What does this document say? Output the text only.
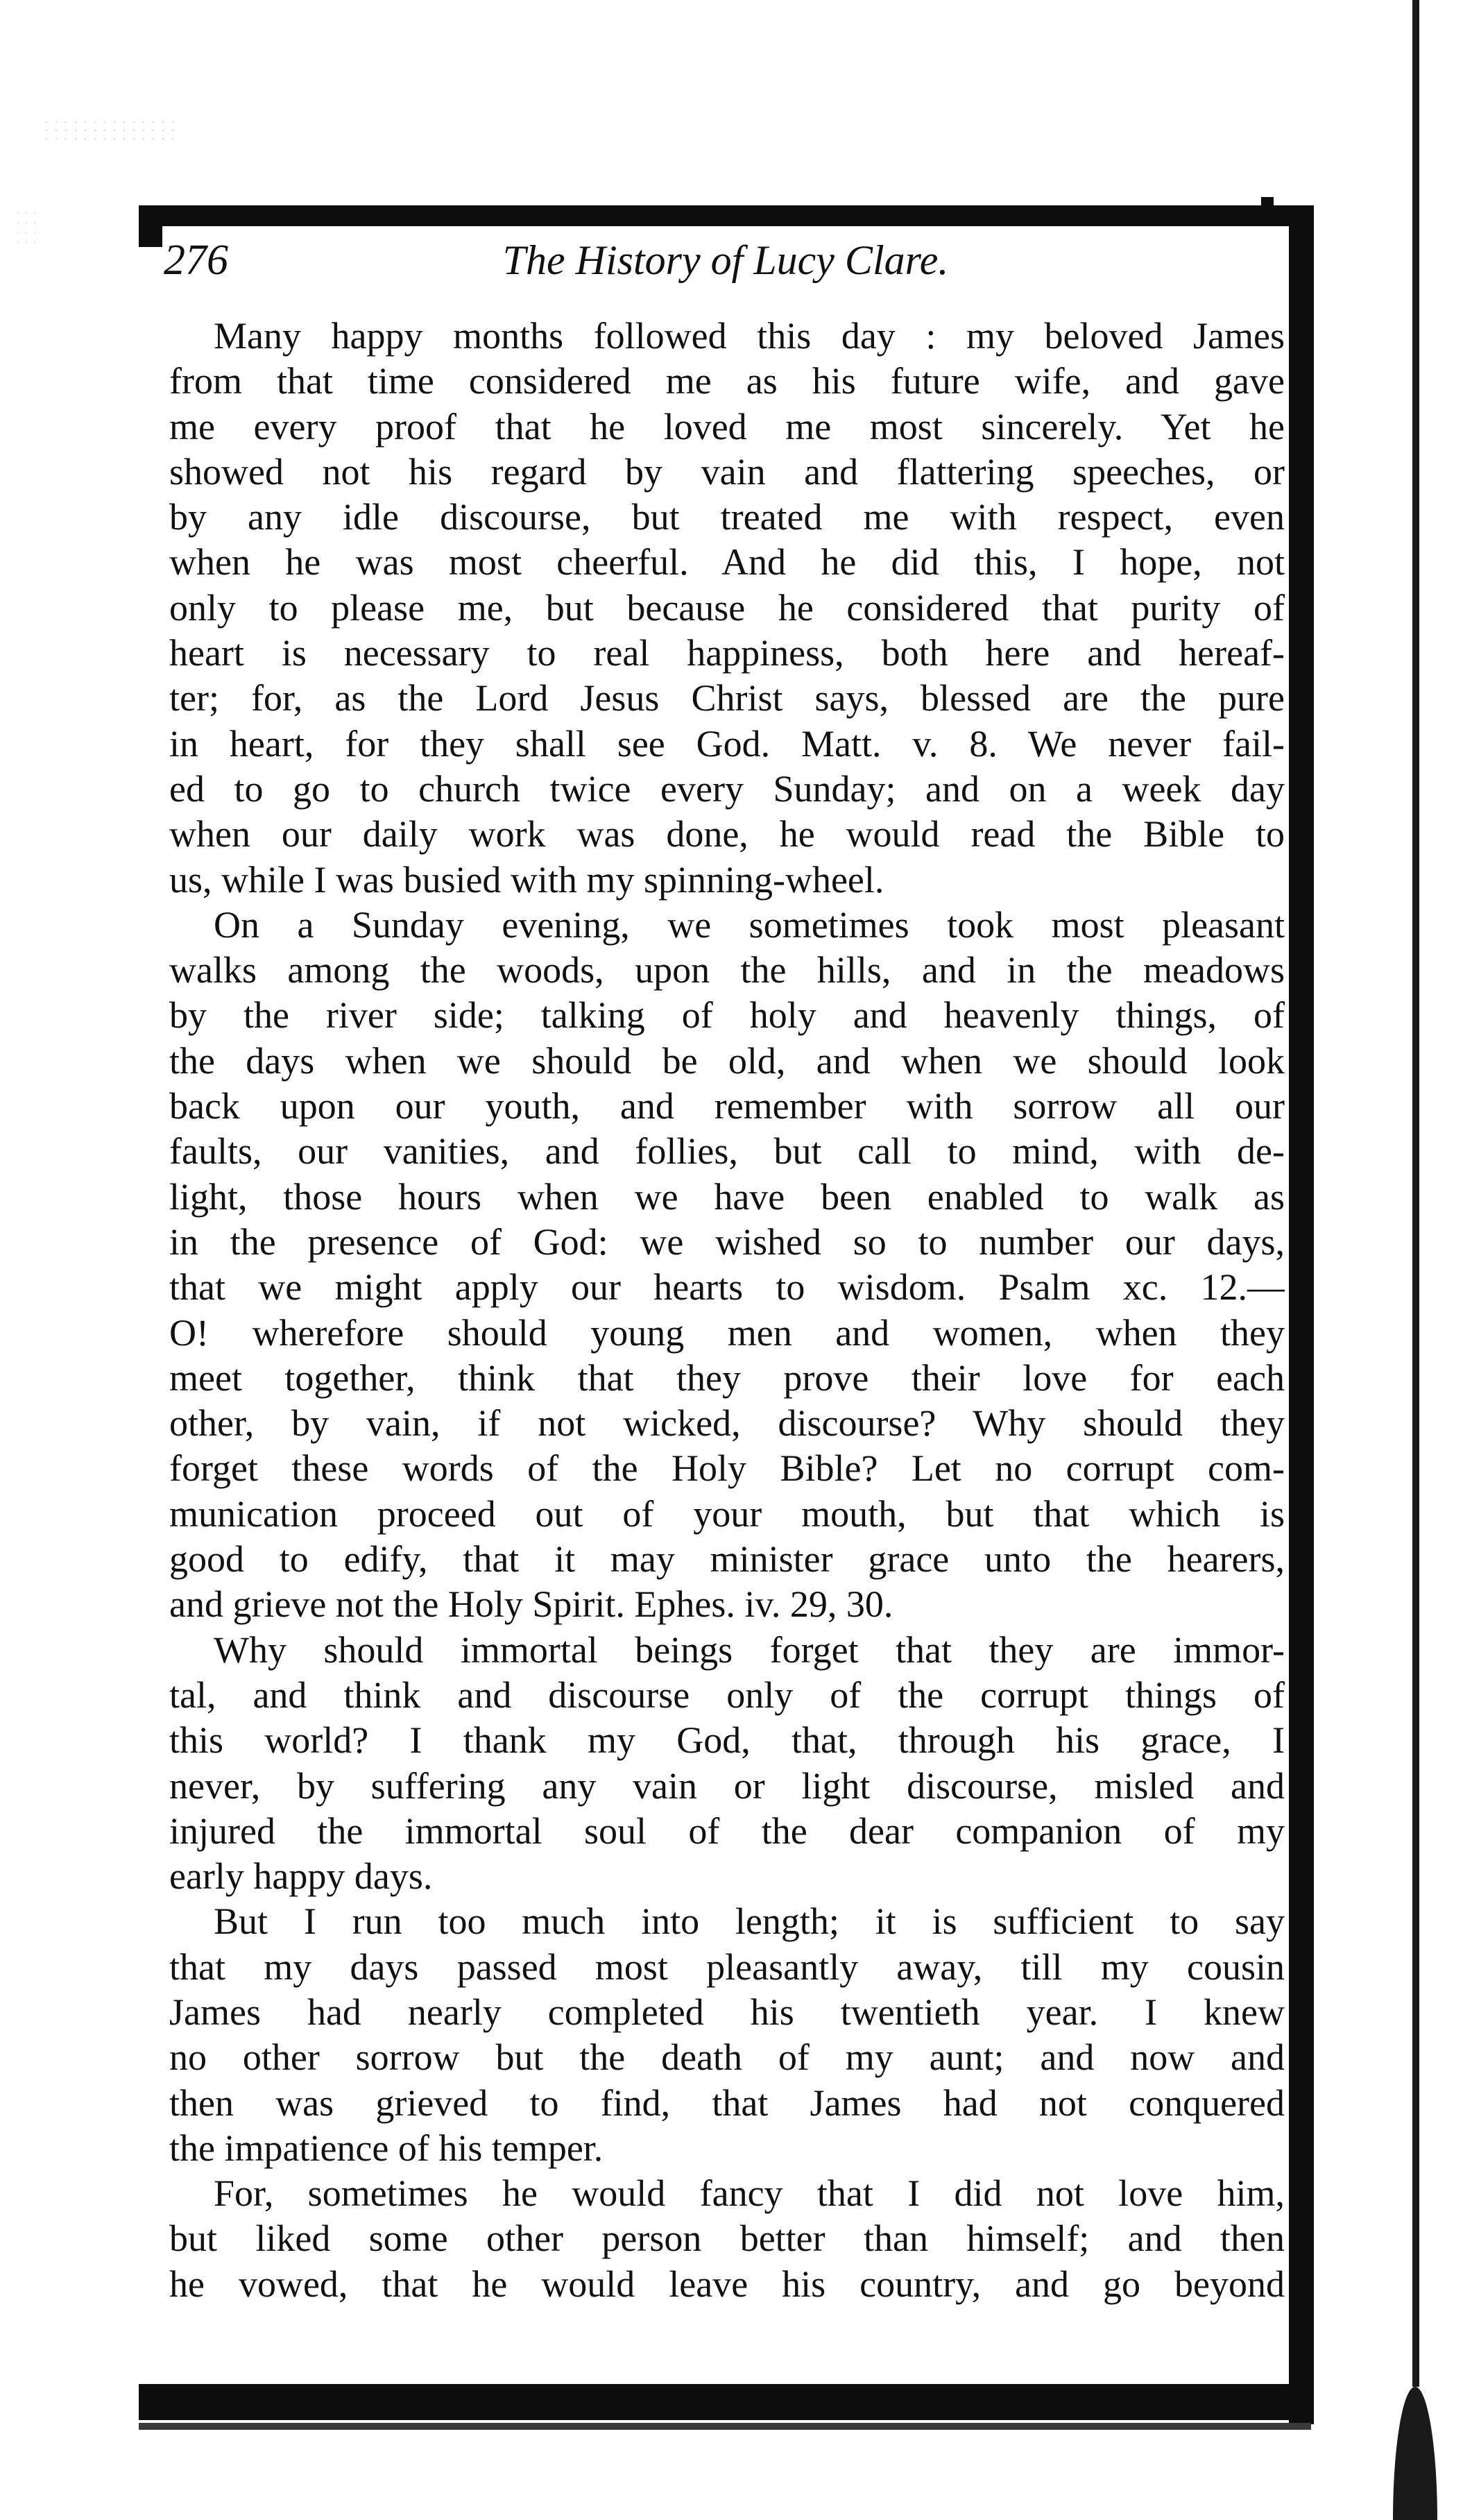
276	The History of Lucy Clare.
Many happy months followed this day : my beloved James
from that time considered me as his future wife, and gave
me every proof that he loved me most sincerely. Yet he
showed not his regard by vain and flattering speeches, or
by any idle discourse, but treated me with respect, even
when he was most cheerful. And he did this, I hope, not
only to please me, but because he considered that purity of
heart is necessary to real happiness, both here and hereaf-
ter; for, as the Lord Jesus Christ says, blessed are the pure
in heart, for they shall see God. Matt. v. 8. We never fail-
ed to go to church twice every Sunday; and on a week day
when our daily work was done, he would read the Bible to
us, while I was busied with my spinning-wheel.
On a Sunday evening, we sometimes took most pleasant
walks among the woods, upon the hills, and in the meadows
by the river side; talking of holy and heavenly things, of
the days when we should be old, and when we should look
back upon our youth, and remember with sorrow all our
faults, our vanities, and follies, but call to mind, with de-
light, those hours when we have been enabled to walk as
in the presence of God: we wished so to number our days,
that we might apply our hearts to wisdom. Psalm xc. 12.—
O! wherefore should young men and women, when they
meet together, think that they prove their love for each
other, by vain, if not wicked, discourse? Why should they
forget these words of the Holy Bible? Let no corrupt com-
munication proceed out of your mouth, but that which is
good to edify, that it may minister grace unto the hearers,
and grieve not the Holy Spirit. Ephes. iv. 29, 30.
Why should immortal beings forget that they are immor-
tal, and think and discourse only of the corrupt things of
this world? I thank my God, that, through his grace, I
never, by suffering any vain or light discourse, misled and
injured the immortal soul of the dear companion of my
early happy days.
But I run too much into length; it is sufficient to say
that my days passed most pleasantly away, till my cousin
James had nearly completed his twentieth year. I knew
no other sorrow but the death of my aunt; and now and
then was grieved to find, that James had not conquered
the impatience of his temper.
For, sometimes he would fancy that I did not love him,
but liked some other person better than himself; and then
he vowed, that he would leave his country, and go beyond
